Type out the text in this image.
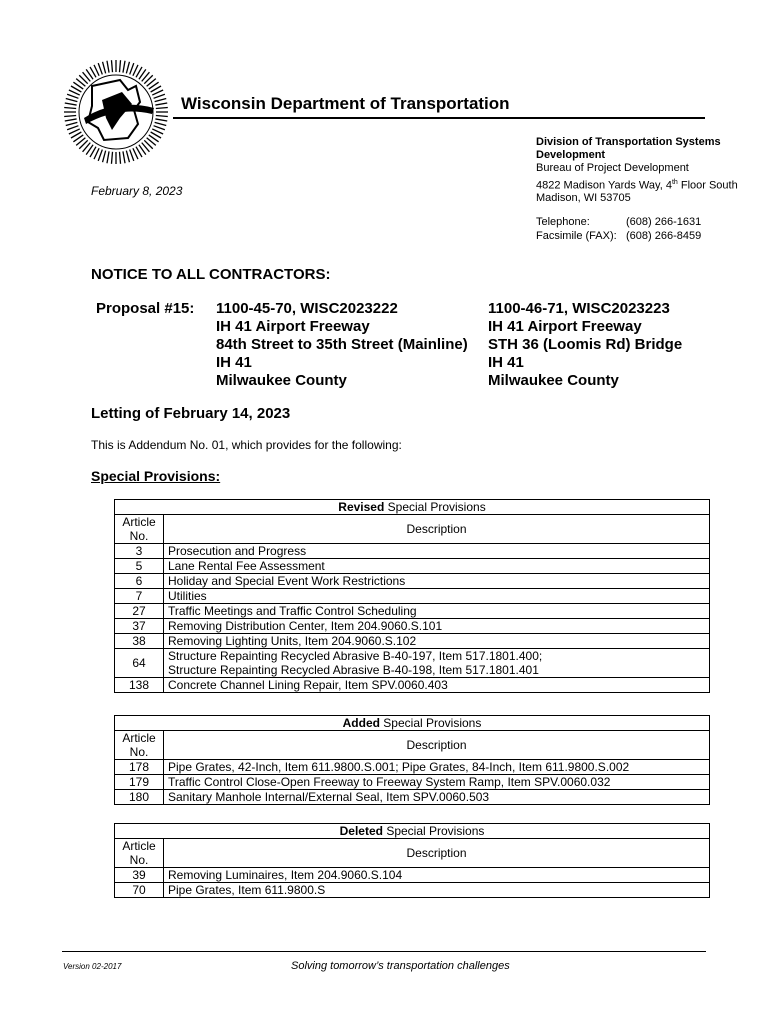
Wisconsin Department of Transportation
February 8, 2023
Division of Transportation Systems
Development
Bureau of Project Development
4822 Madison Yards Way, 4th Floor South
Madison, WI 53705
Telephone:	(608) 266-1631
Facsimile (FAX): (608) 266-8459
NOTICE TO ALL CONTRACTORS:
Proposal #15: 1100-45-70, WISC2023222
IH 41 Airport Freeway
84th Street to 35th Street (Mainline)
IH 41
Milwaukee County
1100-46-71, WISC2023223
IH 41 Airport Freeway
STH 36 (Loomis Rd) Bridge
IH 41
Milwaukee County
Letting of February 14, 2023
This is Addendum No. 01, which provides for the following:
Special Provisions:
Revised Special Provisions	

Article
No.	Description
3	Prosecution and Progress
5	Lane Rental Fee Assessment
6	Holiday and Special Event Work Restrictions
7	Utilities
27	Traffic Meetings and Traffic Control Scheduling
37	Removing Distribution Center, Item 204.9060.S.101
38	Removing Lighting Units, Item 204.9060.S.102
64	Structure Repainting Recycled Abrasive B-40-197, Item 517.1801.400;
Structure Repainting Recycled Abrasive B-40-198, Item 517.1801.401

138	Concrete Channel Lining Repair, Item SPV.0060.403
Added Special Provisions	

Article
No.	Description
178	Pipe Grates, 42-Inch, Item 611.9800.S.001; Pipe Grates, 84-Inch, Item 611.9800.S.002
179	Traffic Control Close-Open Freeway to Freeway System Ramp, Item SPV.0060.032
180	Sanitary Manhole Internal/External Seal, Item SPV.0060.503
Deleted Special Provisions	

Article
No.	Description
39	Removing Luminaires, Item 204.9060.S.104
70	Pipe Grates, Item 611.9800.S
Version 02-2017	Solving tomorrow’s transportation challenges
